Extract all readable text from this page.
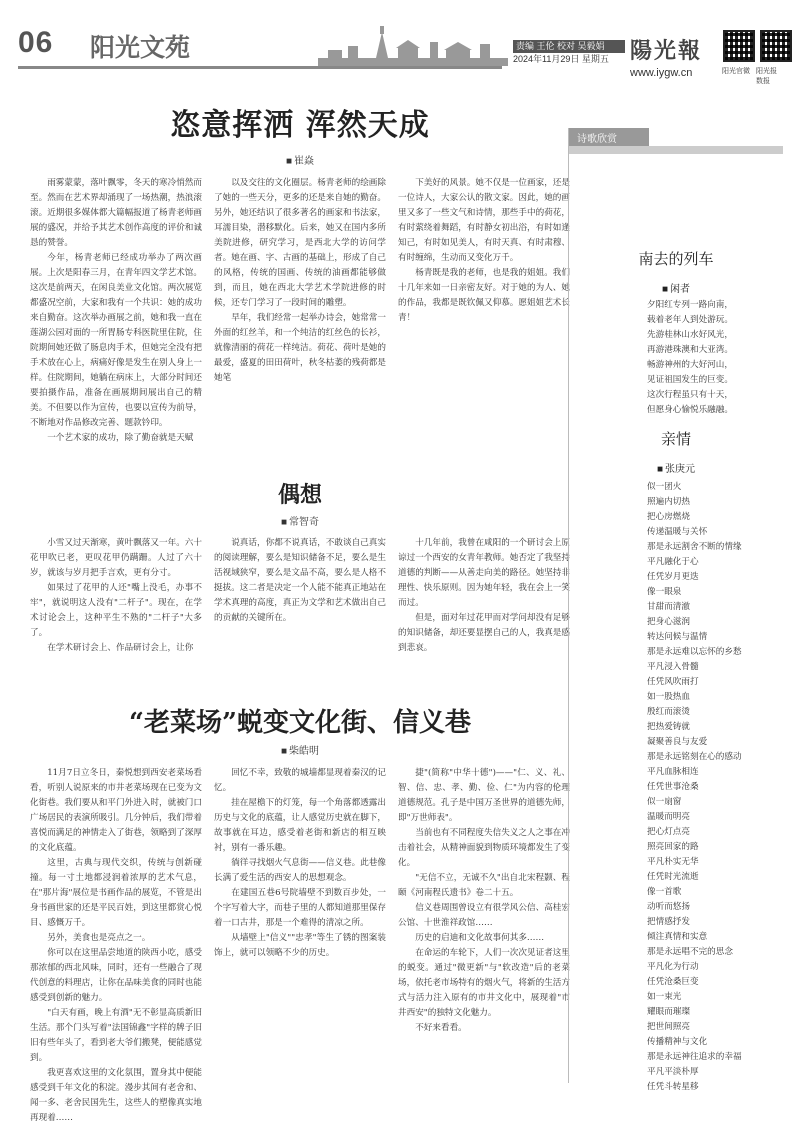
06 阳光文苑	责编 王伦 校对 吴毅娟
2024年11月29日 星期五 陽光報
www.iygw.cn	阳光官微 阳光报数报
恣意挥洒 浑然天成
■ 崔焱

雨雾蒙蒙，落叶飘零，冬天的寒冷悄然而至。然而在艺术界却涌现了一场热潮，热浪滚滚。近期很多媒体都大篇幅报道了杨青老师画展的盛况，并给予其艺术创作高度的评价和诚恳的赞誉。

今年，杨青老师已经成功举办了两次画展。上次是阳春三月，在青年四文学艺术馆。这次是前两天，在闲良美业文化馆。两次展览都盛况空前，大家和我有一个共识：她的成功来自勤奋。这次举办画展之前，她和我一直在莲湖公园对面的一所胃肠专科医院里住院，住院期间她还做了肠息肉手术，但她完全没有把手术放在心上，病痛好像是发生在别人身上一样。住院期间，她躺在病床上，大部分时间还要拍摄作品，准备在画展期间展出自己的精美。不但要以作为宣传，也要以宣传为前导，不断地对作品修改完善、题款钤印。

一个艺术家的成功，除了勤奋就是天赋

以及交往的文化圈层。杨青老师的绘画除了她的一些天分，更多的还是来自她的勤奋。另外，她还结识了很多著名的画家和书法家，耳濡目染，潜移默化。后来，她又在国内多所美院进修，研究学习，是西北大学的访问学者。她在画、字、古画的基础上，形成了自己的风格，传统的国画、传统的油画都能够做到，而且，她在西北大学艺术学院进修的时候，还专门学习了一段时间的雕塑。

早年，我们经常一起举办诗会，她常常一外面的红丝羊，和一个纯洁的红丝色的长衫，就像清丽的荷花一样纯洁。荷花、荷叶是她的最爱，盛夏的田田荷叶，秋冬枯萎的残荷都是她笔

下美好的风景。她不仅是一位画家，还是一位诗人，大家公认的散文家。因此，她的画里又多了一些文气和诗情，那些手中的荷花，有时萦绕着舞蹈，有时静女初出浴，有时如逢知己，有时如见美人，有时天真、有时肃穆、有时缠绵，生动而又变化万千。

杨青既是我的老师，也是我的姐姐。我们十几年来如一日亲密友好。对于她的为人、她的作品，我都是既钦佩又仰慕。愿姐姐艺术长青！

偶想
■ 常智奇

小雪又过天渐寒，黄叶飘落又一年。六十花甲吹已老，更叹花甲仍蹒跚。人过了六十岁，就该与岁月把手言欢，更有分寸。

如果过了花甲的人还"嘴上没毛，办事不牢"，就说明这人没有"二杆子"。现在，在学术讨论会上，这种平生不熟的"二杆子"大多了。

在学术研讨会上、作品研讨会上，让你

说真话，你都不说真话，不敢谈自己真实的阅读理解，要么是知识储备不足，要么是生活视域狭窄，要么是文品不高，要么是人格不挺拔。这二者是决定一个人能不能真正地站在学术真理的高度，真正为文学和艺术做出自己的贡献的关键所在。

十几年前，我曾在咸阳的一个研讨会上原谅过一个西安的女青年教师。她否定了我坚持道德的判断——从善走向美的路径。她坚持非理性、快乐原则。因为她年轻，我在会上一笑而过。

但是，面对年过花甲而对学问却没有足够的知识储备，却还要显摆自己的人，我真是感到悲哀。

“老菜场”蜕变文化街、信义巷
■ 柴皓明

11月7日立冬日，秦悦想到西安老菜场看看，听别人说原来的市井老菜场现在已变为文化街巷。我们要从和平门外进入时，就被门口广场居民的表演所吸引。几分钟后，我们带着喜悦而满足的神情走入了街巷，领略到了深厚的文化底蕴。

这里，古典与现代交织，传统与创新碰撞。每一寸土地都浸润着浓厚的艺术气息，在"那片海"展位是书画作品的展览，不管是出身书画世家的还是平民百姓，到这里都赏心悦目、感慨万千。

另外，美食也是亮点之一。

你可以在这里品尝地道的陕西小吃，感受那浓郁的西北风味，同时，还有一些融合了现代创意的料理店，让你在品味美食的同时也能感受到创新的魅力。

"白天有画，晚上有酒"无不彰显高质新旧生活。那个门头写着"法国锦鑫"字样的牌子旧旧有些年头了，看到老大爷们搬凳，便能感觉到。

我更喜欢这里的文化氛围，置身其中便能感受到千年文化的积淀。漫步其间有老舍和、闻一多、老舍民国先生，这些人的塑像真实地再现着……

回忆不幸，致敬的城墙都显现着秦汉的记忆。

挂在屋檐下的灯笼，每一个角落都透露出历史与文化的底蕴，让人感觉历史就在脚下，故事就在耳边，感受着老街和新店的相互映衬，别有一番乐趣。

徜徉寻找烟火气息街——信义巷。此巷像长满了爱生活的西安人的思想观念。

在建国五巷6号院墙壁不到数百步处，一个字写着大字，而巷子里的人都知道那里保存着一口古井，那是一个难得的清凉之所。

从墙壁上"信义""忠孝"等生了锈的图案装饰上，就可以领略不少的历史。

捷"(简称"中华十德")——"仁、义、礼、智、信、忠、孝、勤、俭、仁"为内容的伦理道德规范。孔子是中国万圣世界的道德先师，即"万世师表"。

当前也有不同程度失信失义之人之事在冲击着社会，从精神面貌到物质环境都发生了变化。

"无信不立，无诚不久"出自北宋程颢、程颐《河南程氏遗书》卷二十五。

信义巷周围曾设立有很学风公信、高桂宏公馆、十世淮祥政馆……

历史的启迪和文化故事何其多……

在命运的车轮下，人们一次次见证者这里的蜕变。通过"微更新"与"软改造"后的老菜场，依托老市场特有的烟火气，将新的生活方式与活力注入原有的市井文化中，展现着"市井西安"的独特文化魅力。

不好来看看。

诗歌欣赏
南去的列车
■ 闲者
夕阳红专列一路向南，
载着老年人到处游玩。
先游桂林山水好风光，
再游港珠澳和大亚湾。
畅游神州的大好河山，
见证祖国发生的巨变。
这次行程虽只有十天，
但愿身心愉悦乐融融。
亲情
■ 张庚元
似一团火
照遍内切热
把心房燃烧
传递温暖与关怀
那是永远割舍不断的情缘
平凡融化于心
任凭岁月更迭
像一眼泉
甘甜而清澈
把身心滋润
转达问候与温情
那是永远难以忘怀的乡愁
平凡浸入骨髓
任凭风吹雨打
如一股热血
殷红而滚烫
把热爱铸就
凝聚善良与友爱
那是永远铭刻在心的感动
平凡血脉相连
任凭世事沧桑
似一扇窗
温暖而明亮
把心灯点亮
照亮回家的路
平凡朴实无华
任凭时光流逝
像一首歌
动听而悠扬
把情感抒发
倾注真情和实意
那是永远唱不完的思念
平凡化为行动
任凭沧桑巨变
如一束光
耀眼而璀璨
把世间照亮
传播精神与文化
那是永远神往追求的幸福
平凡平淡朴厚
任凭斗转星移
